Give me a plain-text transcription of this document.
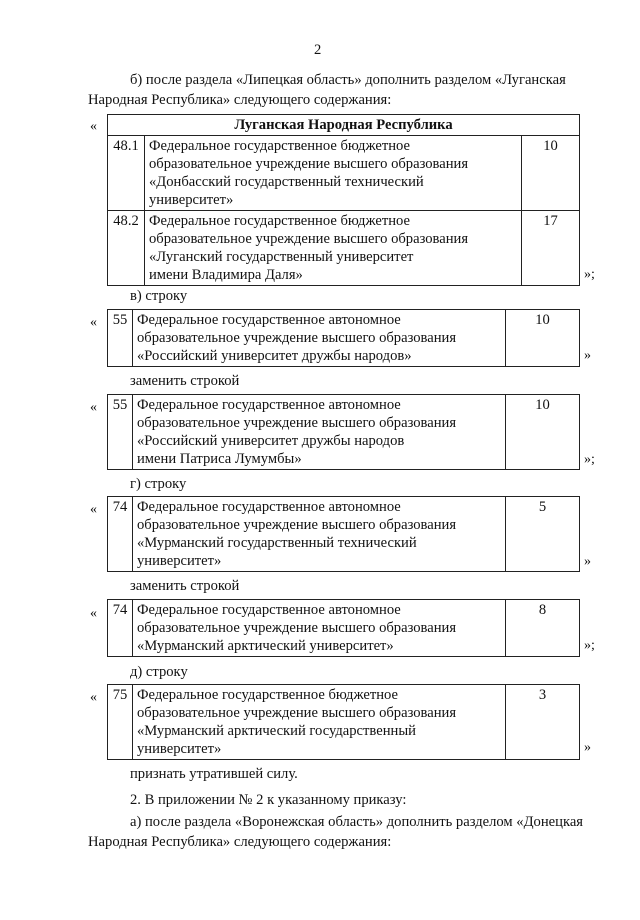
2
б) после раздела «Липецкая область» дополнить разделом «Луганская
Народная Республика» следующего содержания:
«	Луганская Народная Республика		
48.1	Федеральное государственное бюджетное
образовательное учреждение высшего образования
«Донбасский государственный технический
университет»	10
48.2	Федеральное государственное бюджетное
образовательное учреждение высшего образования
«Луганский государственный университет
имени Владимира Даля»	17
»;
в) строку
« 55	Федеральное государственное автономное
образовательное учреждение высшего образования
«Российский университет дружбы народов»
	10
»
заменить строкой
« 55	Федеральное государственное автономное
образовательное учреждение высшего образования
«Российский университет дружбы народов
имени Патриса Лумумбы»
	10
»;
г) строку
« 74	Федеральное государственное автономное
образовательное учреждение высшего образования
«Мурманский государственный технический
университет»
	5
»
заменить строкой
« 74	Федеральное государственное автономное
образовательное учреждение высшего образования
«Мурманский арктический университет»
	8
»;
д) строку
« 75	Федеральное государственное бюджетное
образовательное учреждение высшего образования
«Мурманский арктический государственный
университет»
	3
»
признать утратившей силу.
2. В приложении № 2 к указанному приказу:
а) после раздела «Воронежская область» дополнить разделом «Донецкая
Народная Республика» следующего содержания:
